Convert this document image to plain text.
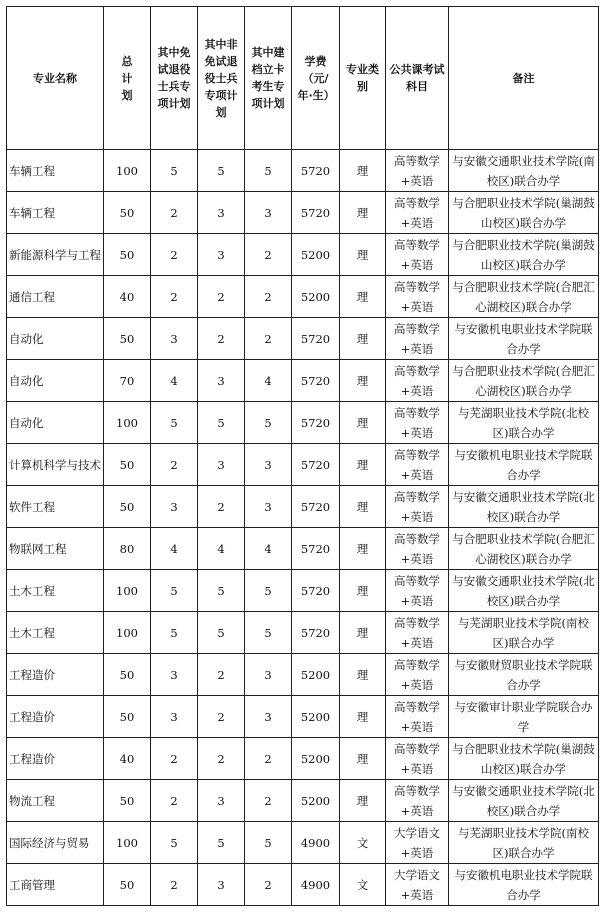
专业名称	总计划	其中免试退役士兵专项计划	其中非免试退役士兵专项计划	其中建档立卡考生专项计划	学费（元/年·生）	专业类别	公共课考试科目	备注
车辆工程	100	5	5	5	5720	理	高等数学+英语	与安徽交通职业技术学院(南校区)联合办学
车辆工程	50	2	3	3	5720	理	高等数学+英语	与合肥职业技术学院(巢湖鼓山校区)联合办学
新能源科学与工程	50	2	3	2	5200	理	高等数学+英语	与合肥职业技术学院(巢湖鼓山校区)联合办学
通信工程	40	2	2	2	5200	理	高等数学+英语	与合肥职业技术学院(合肥汇心湖校区)联合办学
自动化	50	3	2	2	5720	理	高等数学+英语	与安徽机电职业技术学院联合办学
自动化	70	4	3	4	5720	理	高等数学+英语	与合肥职业技术学院(合肥汇心湖校区)联合办学
自动化	100	5	5	5	5720	理	高等数学+英语	与芜湖职业技术学院(北校区)联合办学
计算机科学与技术	50	2	3	3	5720	理	高等数学+英语	与安徽机电职业技术学院联合办学
软件工程	50	3	2	3	5720	理	高等数学+英语	与安徽交通职业技术学院(北校区)联合办学
物联网工程	80	4	4	4	5720	理	高等数学+英语	与合肥职业技术学院(合肥汇心湖校区)联合办学
土木工程	100	5	5	5	5720	理	高等数学+英语	与安徽交通职业技术学院(北校区)联合办学
土木工程	100	5	5	5	5720	理	高等数学+英语	与芜湖职业技术学院(南校区)联合办学
工程造价	50	3	2	3	5200	理	高等数学+英语	与安徽财贸职业技术学院联合办学
工程造价	50	3	2	3	5200	理	高等数学+英语	与安徽审计职业学院联合办学
工程造价	40	2	2	2	5200	理	高等数学+英语	与合肥职业技术学院(巢湖鼓山校区)联合办学
物流工程	50	2	3	2	5200	理	高等数学+英语	与安徽交通职业技术学院(北校区)联合办学
国际经济与贸易	100	5	5	5	4900	文	大学语文+英语	与芜湖职业技术学院(南校区)联合办学
工商管理	50	2	3	2	4900	文	大学语文+英语	与安徽机电职业技术学院联合办学
